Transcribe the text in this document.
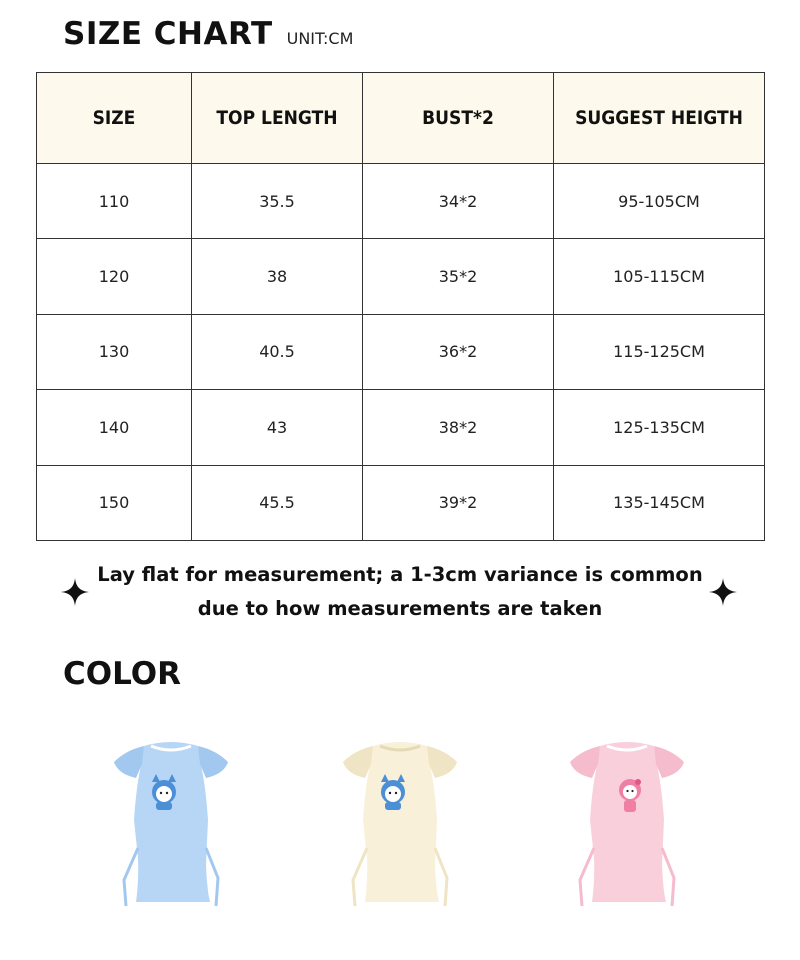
SIZE CHART UNIT:CM
SIZE	TOP LENGTH	BUST*2	SUGGEST HEIGTH
110	35.5	34*2	95-105CM
120	38	35*2	105-115CM
130	40.5	36*2	115-125CM
140	43	38*2	125-135CM
150	45.5	39*2	135-145CM
Lay flat for measurement; a 1-3cm variance is common
due to how measurements are taken
COLOR
